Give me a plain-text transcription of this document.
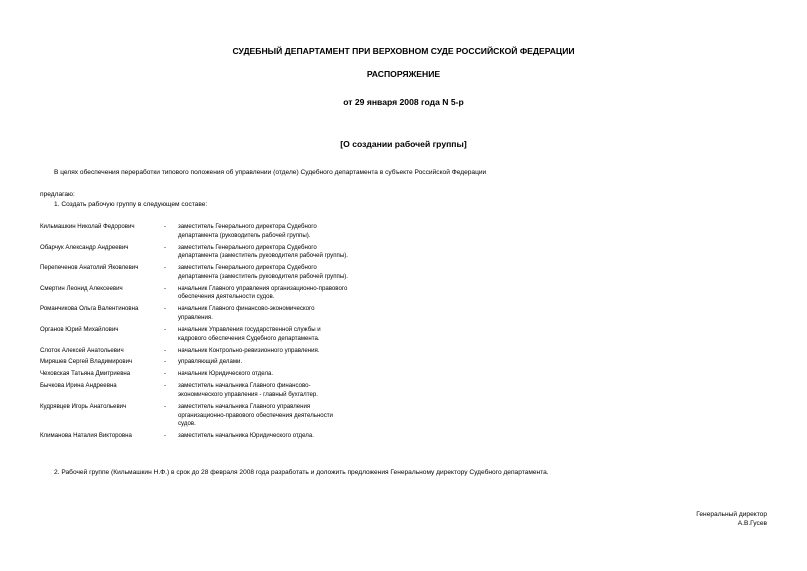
СУДЕБНЫЙ ДЕПАРТАМЕНТ ПРИ ВЕРХОВНОМ СУДЕ РОССИЙСКОЙ ФЕДЕРАЦИИ
РАСПОРЯЖЕНИЕ
от 29 января 2008 года N 5-р
[О создании рабочей группы]
В целях обеспечения переработки типового положения об управлении (отделе) Судебного департамента в субъекте Российской Федерации
предлагаю:
1. Создать рабочую группу в следующем составе:
Кильмашкин Николай Федорович	-	заместитель Генерального директора Судебного департамента (руководитель рабочей группы).
Обарчук Александр Андреевич	-	заместитель Генерального директора Судебного департамента (заместитель руководителя рабочей группы).
Перепеченов Анатолий Яковлевич	-	заместитель Генерального директора Судебного департамента (заместитель руководителя рабочей группы).
Смертин Леонид Алексеевич	-	начальник Главного управления организационно-правового обеспечения деятельности судов.
Романчикова Ольга Валентиновна	-	начальник Главного финансово-экономического управления.
Органов Юрий Михайлович	-	начальник Управления государственной службы и кадрового обеспечения Судебного департамента.
Слоток Алексей Анатольевич	-	начальник Контрольно-ревизионного управления.
Миряшев Сергей Владимирович	-	управляющий делами.
Чеховская Татьяна Дмитриевна	-	начальник Юридического отдела.
Бычкова Ирина Андреевна	-	заместитель начальника Главного финансово-экономического управления - главный бухгалтер.
Кудрявцев Игорь Анатольевич	-	заместитель начальника Главного управления организационно-правового обеспечения деятельности судов.
Климанова Наталия Викторовна	-	заместитель начальника Юридического отдела.
2. Рабочей группе (Кильмашкин Н.Ф.) в срок до 28 февраля 2008 года разработать и доложить предложения Генеральному директору Судебного департамента.
Генеральный директор
А.В.Гусев
